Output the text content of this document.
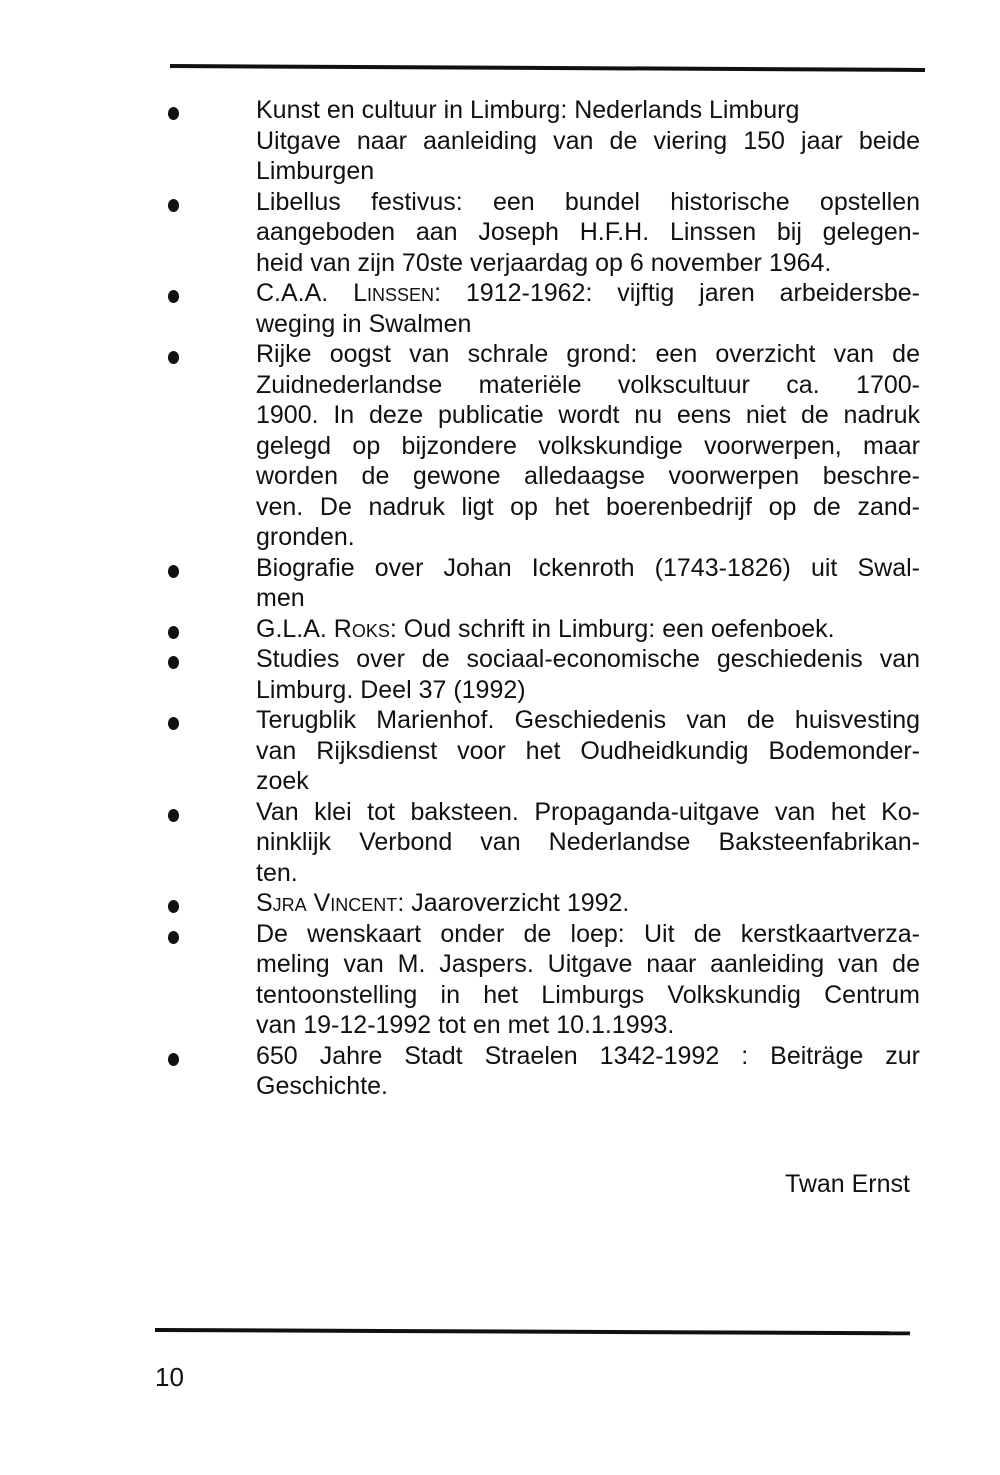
Kunst en cultuur in Limburg: Nederlands Limburg
Uitgave naar aanleiding van de viering 150 jaar beide
Limburgen
Libellus festivus: een bundel historische opstellen
aangeboden aan Joseph H.F.H. Linssen bij gelegen-
heid van zijn 70ste verjaardag op 6 november 1964.
C.A.A. Linssen: 1912-1962: vijftig jaren arbeidersbe-
weging in Swalmen
Rijke oogst van schrale grond: een overzicht van de
Zuidnederlandse materiële volkscultuur ca. 1700-
1900. In deze publicatie wordt nu eens niet de nadruk
gelegd op bijzondere volkskundige voorwerpen, maar
worden de gewone alledaagse voorwerpen beschre-
ven. De nadruk ligt op het boerenbedrijf op de zand-
gronden.
Biografie over Johan Ickenroth (1743-1826) uit Swal-
men
G.L.A. Roks: Oud schrift in Limburg: een oefenboek.
Studies over de sociaal-economische geschiedenis van
Limburg. Deel 37 (1992)
Terugblik Marienhof. Geschiedenis van de huisvesting
van Rijksdienst voor het Oudheidkundig Bodemonder-
zoek
Van klei tot baksteen. Propaganda-uitgave van het Ko-
ninklijk Verbond van Nederlandse Baksteenfabrikan-
ten.
Sjra Vincent: Jaaroverzicht 1992.
De wenskaart onder de loep: Uit de kerstkaartverza-
meling van M. Jaspers. Uitgave naar aanleiding van de
tentoonstelling in het Limburgs Volkskundig Centrum
van 19-12-1992 tot en met 10.1.1993.
650 Jahre Stadt Straelen 1342-1992 : Beiträge zur
Geschichte.
Twan Ernst
10
